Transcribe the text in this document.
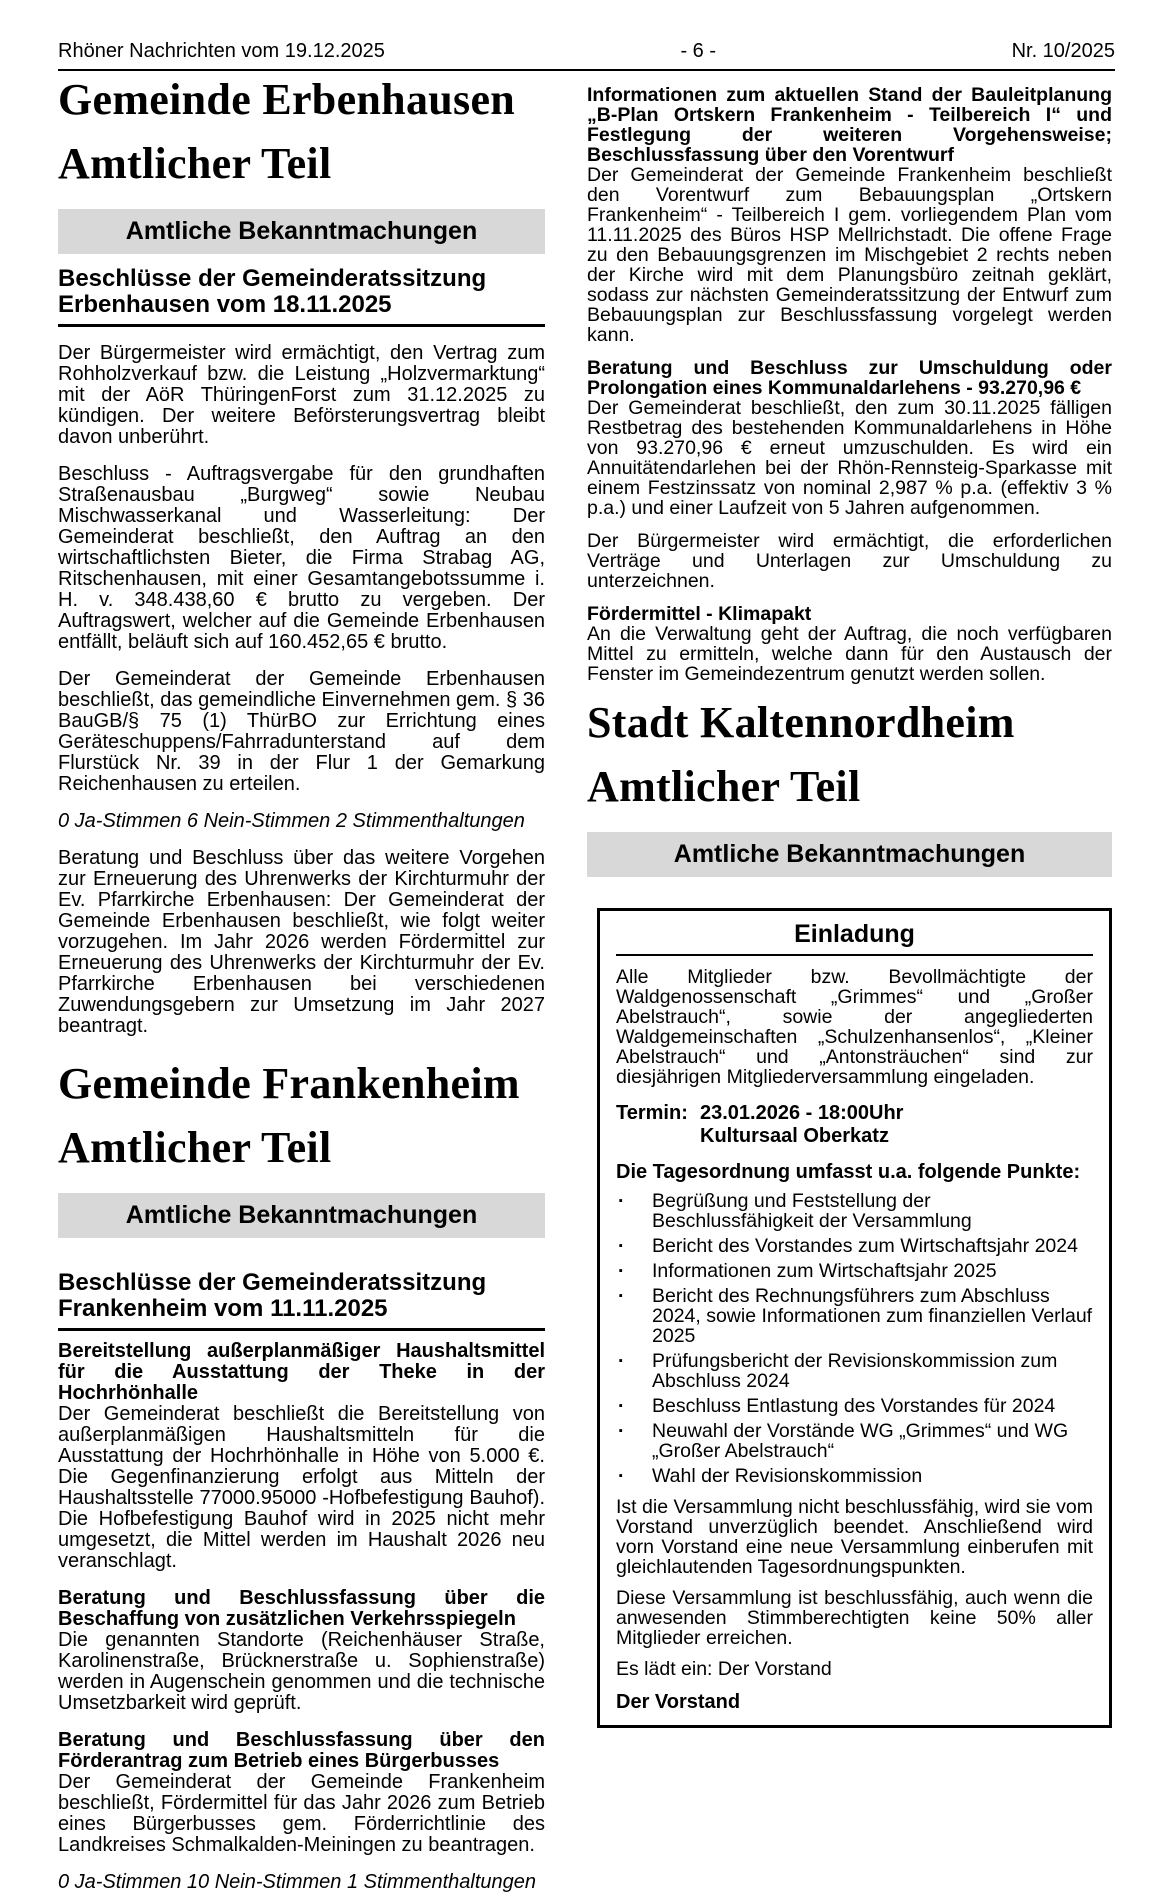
Rhöner Nachrichten vom 19.12.2025	- 6 -	Nr. 10/2025
Gemeinde Erbenhausen
Amtlicher Teil
Amtliche Bekanntmachungen
Beschlüsse der Gemeinderatssitzung
Erbenhausen vom 18.11.2025

Der Bürgermeister wird ermächtigt, den Vertrag zum Rohholzverkauf bzw. die Leistung „Holzvermarktung“ mit der AöR ThüringenForst zum 31.12.2025 zu kündigen. Der weitere Beförsterungsvertrag bleibt davon unberührt.

Beschluss - Auftragsvergabe für den grundhaften Straßenausbau „Burgweg“ sowie Neubau Mischwasserkanal und Wasserleitung: Der Gemeinderat beschließt, den Auftrag an den wirtschaftlichsten Bieter, die Firma Strabag AG, Ritschenhausen, mit einer Gesamtangebotssumme i. H. v. 348.438,60 € brutto zu vergeben. Der Auftragswert, welcher auf die Gemeinde Erbenhausen entfällt, beläuft sich auf 160.452,65 € brutto.

Der Gemeinderat der Gemeinde Erbenhausen beschließt, das gemeindliche Einvernehmen gem. § 36 BauGB/§ 75 (1) ThürBO zur Errichtung eines Geräteschuppens/Fahrradunterstand auf dem Flurstück Nr. 39 in der Flur 1 der Gemarkung Reichenhausen zu erteilen.

0 Ja-Stimmen 6 Nein-Stimmen 2 Stimmenthaltungen

Beratung und Beschluss über das weitere Vorgehen zur Erneuerung des Uhrenwerks der Kirchturmuhr der Ev. Pfarrkirche Erbenhausen: Der Gemeinderat der Gemeinde Erbenhausen beschließt, wie folgt weiter vorzugehen. Im Jahr 2026 werden Fördermittel zur Erneuerung des Uhrenwerks der Kirchturmuhr der Ev. Pfarrkirche Erbenhausen bei verschiedenen Zuwendungsgebern zur Umsetzung im Jahr 2027 beantragt.

Gemeinde Frankenheim
Amtlicher Teil
Amtliche Bekanntmachungen
Beschlüsse der Gemeinderatssitzung
Frankenheim vom 11.11.2025

Bereitstellung außerplanmäßiger Haushaltsmittel für die Ausstattung der Theke in der Hochrhönhalle

Der Gemeinderat beschließt die Bereitstellung von außerplanmäßigen Haushaltsmitteln für die Ausstattung der Hochrhönhalle in Höhe von 5.000 €. Die Gegenfinanzierung erfolgt aus Mitteln der Haushaltsstelle 77000.95000 -Hofbefestigung Bauhof). Die Hofbefestigung Bauhof wird in 2025 nicht mehr umgesetzt, die Mittel werden im Haushalt 2026 neu veranschlagt.

Beratung und Beschlussfassung über die Beschaffung von zusätzlichen Verkehrsspiegeln

Die genannten Standorte (Reichenhäuser Straße, Karolinenstraße, Brücknerstraße u. Sophienstraße) werden in Augenschein genommen und die technische Umsetzbarkeit wird geprüft.

Beratung und Beschlussfassung über den Förderantrag zum Betrieb eines Bürgerbusses

Der Gemeinderat der Gemeinde Frankenheim beschließt, Fördermittel für das Jahr 2026 zum Betrieb eines Bürgerbusses gem. Förderrichtlinie des Landkreises Schmalkalden-Meiningen zu beantragen.

0 Ja-Stimmen 10 Nein-Stimmen 1 Stimmenthaltungen

Informationen zum aktuellen Stand der Bauleitplanung „B-Plan Ortskern Frankenheim - Teilbereich I“ und Festlegung der weiteren Vorgehensweise; Beschlussfassung über den Vorentwurf

Der Gemeinderat der Gemeinde Frankenheim beschließt den Vorentwurf zum Bebauungsplan „Ortskern Frankenheim“ - Teilbereich I gem. vorliegendem Plan vom 11.11.2025 des Büros HSP Mellrichstadt. Die offene Frage zu den Bebauungsgrenzen im Mischgebiet 2 rechts neben der Kirche wird mit dem Planungsbüro zeitnah geklärt, sodass zur nächsten Gemeinderatssitzung der Entwurf zum Bebauungsplan zur Beschlussfassung vorgelegt werden kann.

Beratung und Beschluss zur Umschuldung oder Prolongation eines Kommunaldarlehens - 93.270,96 €

Der Gemeinderat beschließt, den zum 30.11.2025 fälligen Restbetrag des bestehenden Kommunaldarlehens in Höhe von 93.270,96 € erneut umzuschulden. Es wird ein Annuitätendarlehen bei der Rhön-Rennsteig-Sparkasse mit einem Festzinssatz von nominal 2,987 % p.a. (effektiv 3 % p.a.) und einer Laufzeit von 5 Jahren aufgenommen.

Der Bürgermeister wird ermächtigt, die erforderlichen Verträge und Unterlagen zur Umschuldung zu unterzeichnen.

Fördermittel - Klimapakt

An die Verwaltung geht der Auftrag, die noch verfügbaren Mittel zu ermitteln, welche dann für den Austausch der Fenster im Gemeindezentrum genutzt werden sollen.

Stadt Kaltennordheim
Amtlicher Teil
Amtliche Bekanntmachungen
Einladung

Alle Mitglieder bzw. Bevollmächtigte der Waldgenossenschaft „Grimmes“ und „Großer Abelstrauch“, sowie der angegliederten Waldgemeinschaften „Schulzenhansenlos“, „Kleiner Abelstrauch“ und „Antonsträuchen“ sind zur diesjährigen Mitgliederversammlung eingeladen.

Termin: 23.01.2026 - 18:00Uhr
Kultursaal Oberkatz
Die Tagesordnung umfasst u.a. folgende Punkte:
·	Begrüßung und Feststellung der Beschlussfähigkeit der Versammlung
·	Bericht des Vorstandes zum Wirtschaftsjahr 2024
·	Informationen zum Wirtschaftsjahr 2025
·	Bericht des Rechnungsführers zum Abschluss 2024, sowie Informationen zum finanziellen Verlauf 2025
·	Prüfungsbericht der Revisionskommission zum Abschluss 2024
·	Beschluss Entlastung des Vorstandes für 2024
·	Neuwahl der Vorstände WG „Grimmes“ und WG „Großer Abelstrauch“
·	Wahl der Revisionskommission

Ist die Versammlung nicht beschlussfähig, wird sie vom Vorstand unverzüglich beendet. Anschließend wird vorn Vorstand eine neue Versammlung einberufen mit gleichlautenden Tagesordnungspunkten.

Diese Versammlung ist beschlussfähig, auch wenn die anwesenden Stimmberechtigten keine 50% aller Mitglieder erreichen.

Es lädt ein: Der Vorstand

Der Vorstand
